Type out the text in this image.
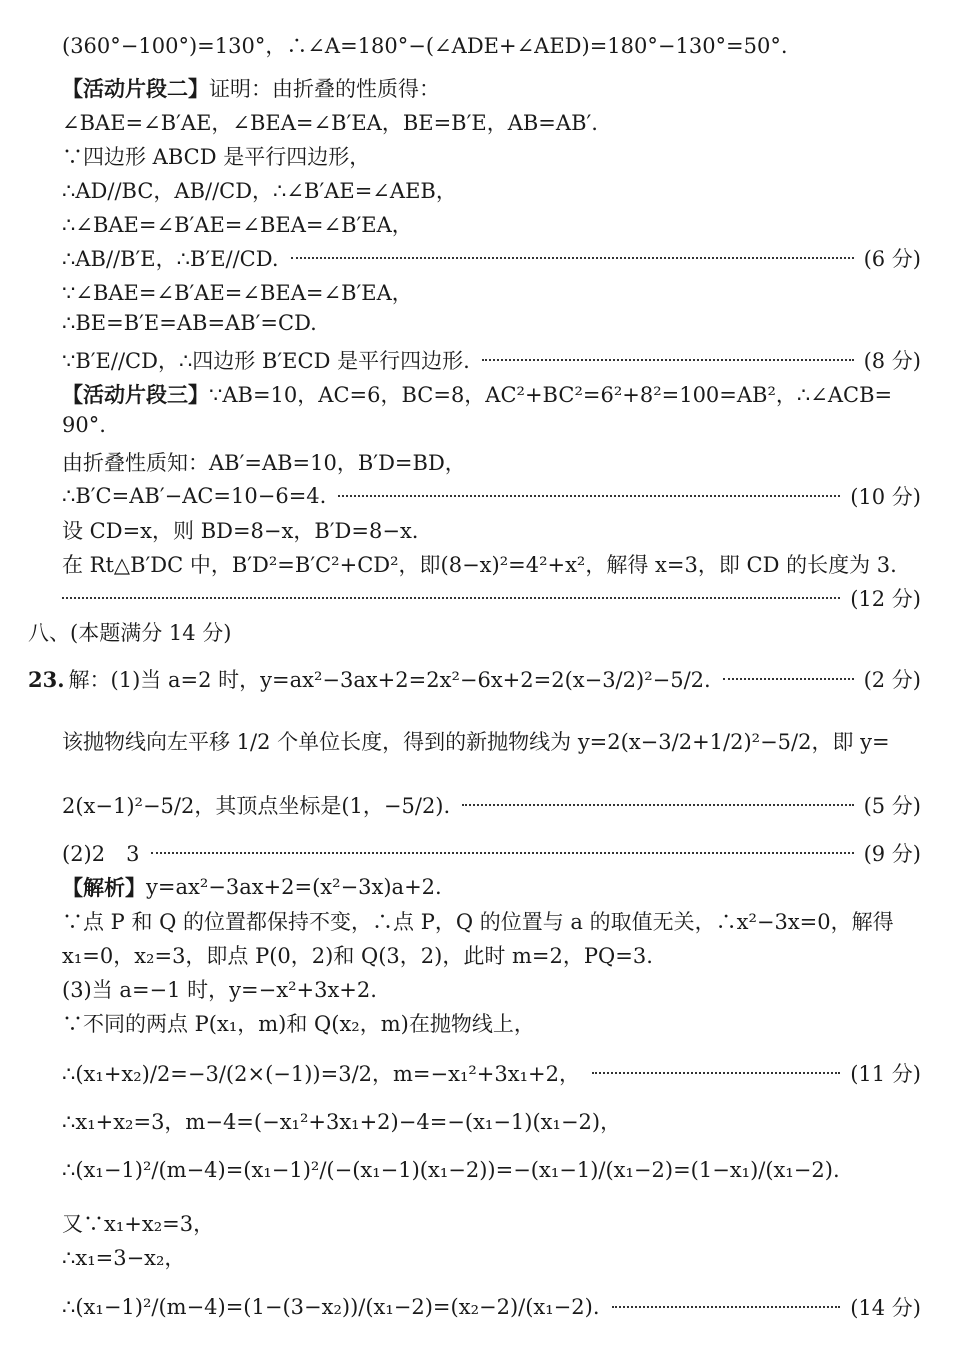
(360°−100°)=130°，∴∠A=180°−(∠ADE+∠AED)=180°−130°=50°.
【活动片段二】 证明：由折叠的性质得：
∠BAE=∠B′AE，∠BEA=∠B′EA，BE=B′E，AB=AB′.
∵四边形 ABCD 是平行四边形，
∴AD//BC，AB//CD，∴∠B′AE=∠AEB，
∴∠BAE=∠B′AE=∠BEA=∠B′EA，
∴AB//B′E，∴B′E//CD.	(6 分)
∵∠BAE=∠B′AE=∠BEA=∠B′EA，
∴BE=B′E=AB=AB′=CD.
∵B′E//CD，∴四边形 B′ECD 是平行四边形.	(8 分)
【活动片段三】 ∵AB=10，AC=6，BC=8，AC²+BC²=6²+8²=100=AB²，∴∠ACB=
90°.
由折叠性质知：AB′=AB=10，B′D=BD，
∴B′C=AB′−AC=10−6=4.	(10 分)
设 CD=x，则 BD=8−x，B′D=8−x.
在 Rt△B′DC 中，B′D²=B′C²+CD²，即(8−x)²=4²+x²，解得 x=3，即 CD 的长度为 3.
(12 分)
八、(本题满分 14 分)
23. 解：(1)当 a=2 时，y=ax²−3ax+2=2x²−6x+2=2(x−3/2)²−5/2.	(2 分)
该抛物线向左平移 1/2 个单位长度，得到的新抛物线为 y=2(x−3/2+1/2)²−5/2，即 y=
2(x−1)²−5/2，其顶点坐标是(1，−5/2).	(5 分)
(2)2　3	(9 分)
【解析】 y=ax²−3ax+2=(x²−3x)a+2.
∵点 P 和 Q 的位置都保持不变，∴点 P，Q 的位置与 a 的取值无关，∴x²−3x=0，解得
x₁=0，x₂=3，即点 P(0，2)和 Q(3，2)，此时 m=2，PQ=3.
(3)当 a=−1 时，y=−x²+3x+2.
∵不同的两点 P(x₁，m)和 Q(x₂，m)在抛物线上，
∴(x₁+x₂)/2=−3/(2×(−1))=3/2，m=−x₁²+3x₁+2，	(11 分)
∴x₁+x₂=3，m−4=(−x₁²+3x₁+2)−4=−(x₁−1)(x₁−2)，
∴(x₁−1)²/(m−4)=(x₁−1)²/(−(x₁−1)(x₁−2))=−(x₁−1)/(x₁−2)=(1−x₁)/(x₁−2).
又∵x₁+x₂=3，
∴x₁=3−x₂，
∴(x₁−1)²/(m−4)=(1−(3−x₂))/(x₁−2)=(x₂−2)/(x₁−2).	(14 分)
